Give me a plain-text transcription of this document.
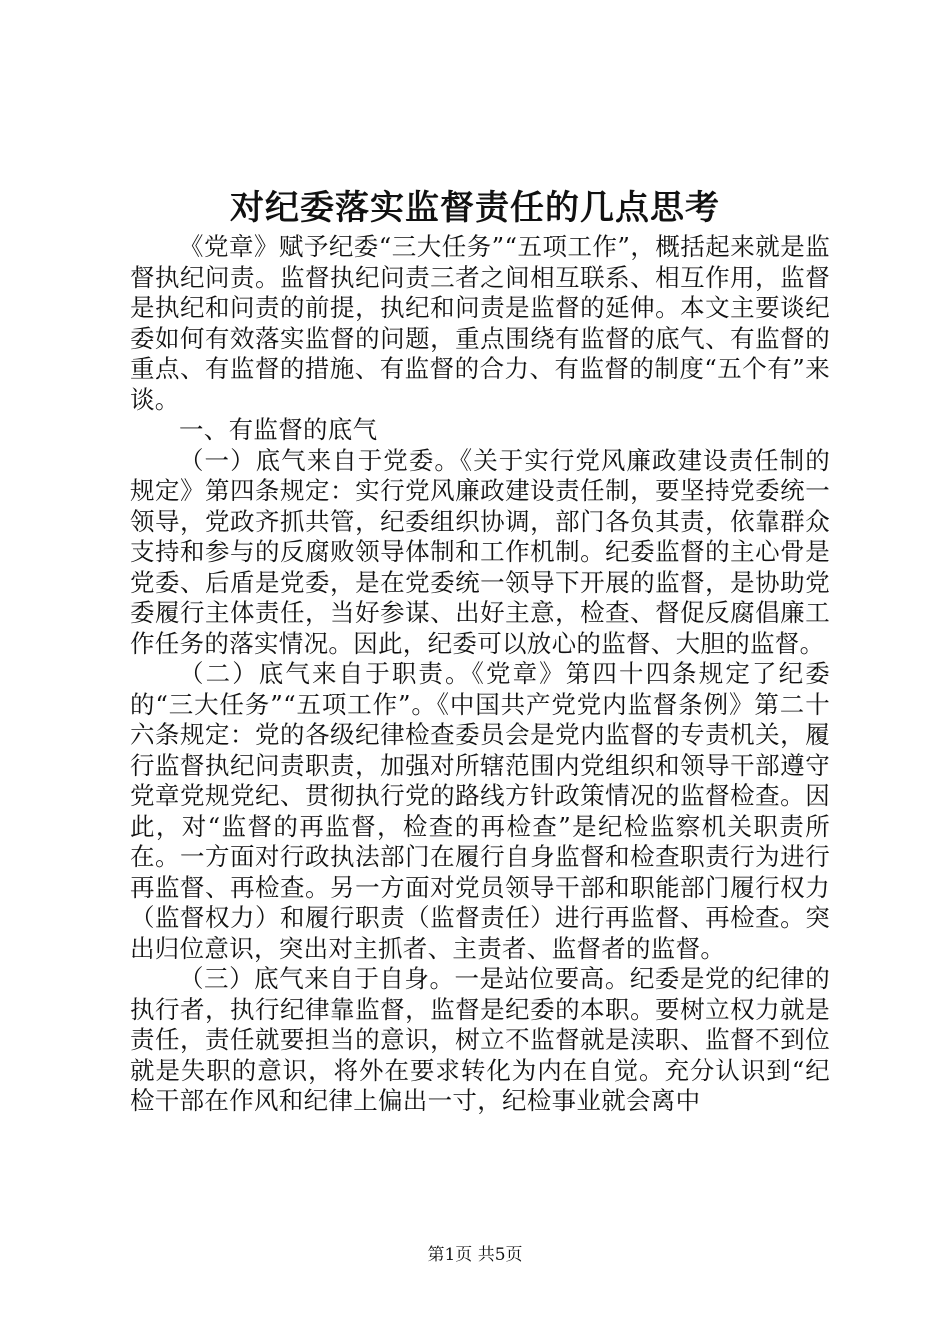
对纪委落实监督责任的几点思考

《党章》赋予纪委“三大任务”“五项工作”，概括起来就是监督执纪问责。监督执纪问责三者之间相互联系、相互作用，监督是执纪和问责的前提，执纪和问责是监督的延伸。本文主要谈纪委如何有效落实监督的问题，重点围绕有监督的底气、有监督的重点、有监督的措施、有监督的合力、有监督的制度“五个有”来谈。

一、有监督的底气

（一）底气来自于党委。《关于实行党风廉政建设责任制的规定》第四条规定：实行党风廉政建设责任制，要坚持党委统一领导，党政齐抓共管，纪委组织协调，部门各负其责，依靠群众支持和参与的反腐败领导体制和工作机制。纪委监督的主心骨是党委、后盾是党委，是在党委统一领导下开展的监督，是协助党委履行主体责任，当好参谋、出好主意，检查、督促反腐倡廉工作任务的落实情况。因此，纪委可以放心的监督、大胆的监督。

（二）底气来自于职责。《党章》第四十四条规定了纪委的“三大任务”“五项工作”。《中国共产党党内监督条例》第二十六条规定：党的各级纪律检查委员会是党内监督的专责机关，履行监督执纪问责职责，加强对所辖范围内党组织和领导干部遵守党章党规党纪、贯彻执行党的路线方针政策情况的监督检查。因此，对“监督的再监督，检查的再检查”是纪检监察机关职责所在。一方面对行政执法部门在履行自身监督和检查职责行为进行再监督、再检查。另一方面对党员领导干部和职能部门履行权力（监督权力）和履行职责（监督责任）进行再监督、再检查。突出归位意识，突出对主抓者、主责者、监督者的监督。

（三）底气来自于自身。一是站位要高。纪委是党的纪律的执行者，执行纪律靠监督，监督是纪委的本职。要树立权力就是责任，责任就要担当的意识，树立不监督就是渎职、监督不到位就是失职的意识，将外在要求转化为内在自觉。充分认识到“纪检干部在作风和纪律上偏出一寸，纪检事业就会离中

第1页 共5页
